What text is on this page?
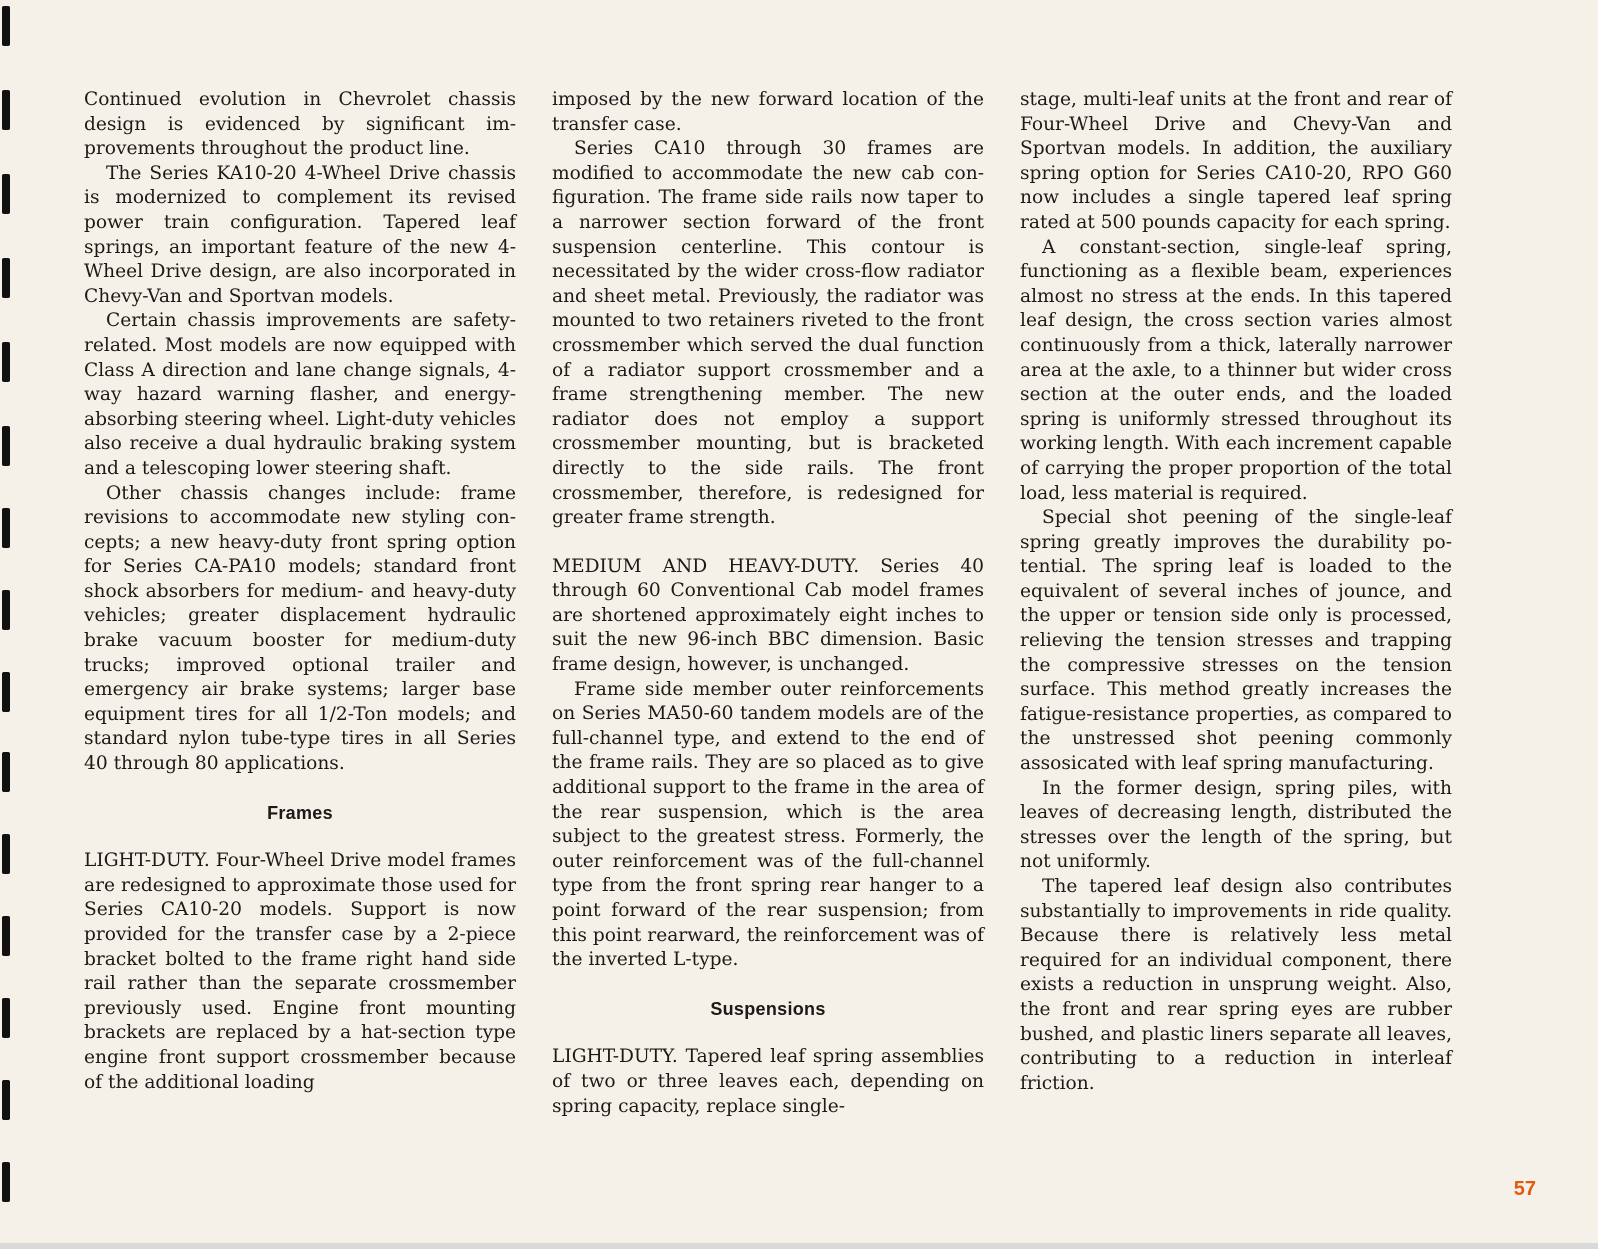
Continued evolution in Chevrolet chassis design is evidenced by significant improvements throughout the product line.

The Series KA10-20 4-Wheel Drive chassis is modernized to complement its revised power train configuration. Tapered leaf springs, an important feature of the new 4-Wheel Drive design, are also incorporated in Chevy-Van and Sportvan models.

Certain chassis improvements are safety-related. Most models are now equipped with Class A direction and lane change signals, 4-way hazard warning flasher, and energy-absorbing steering wheel. Light-duty vehicles also receive a dual hydraulic braking system and a telescoping lower steering shaft.

Other chassis changes include: frame revisions to accommodate new styling concepts; a new heavy-duty front spring option for Series CA-PA10 models; standard front shock absorbers for medium- and heavy-duty vehicles; greater displacement hydraulic brake vacuum booster for medium-duty trucks; improved optional trailer and emergency air brake systems; larger base equipment tires for all 1/2-Ton models; and standard nylon tube-type tires in all Series 40 through 80 applications.

Frames

LIGHT-DUTY. Four-Wheel Drive model frames are redesigned to approximate those used for Series CA10-20 models. Support is now provided for the transfer case by a 2-piece bracket bolted to the frame right hand side rail rather than the separate crossmember previously used. Engine front mounting brackets are replaced by a hat-section type engine front support crossmember because of the additional loading

imposed by the new forward location of the transfer case.

Series CA10 through 30 frames are modified to accommodate the new cab configuration. The frame side rails now taper to a narrower section forward of the front suspension centerline. This contour is necessitated by the wider cross-flow radiator and sheet metal. Previously, the radiator was mounted to two retainers riveted to the front crossmember which served the dual function of a radiator support crossmember and a frame strengthening member. The new radiator does not employ a support crossmember mounting, but is bracketed directly to the side rails. The front crossmember, therefore, is redesigned for greater frame strength.

MEDIUM AND HEAVY-DUTY. Series 40 through 60 Conventional Cab model frames are shortened approximately eight inches to suit the new 96-inch BBC dimension. Basic frame design, however, is unchanged.

Frame side member outer reinforcements on Series MA50-60 tandem models are of the full-channel type, and extend to the end of the frame rails. They are so placed as to give additional support to the frame in the area of the rear suspension, which is the area subject to the greatest stress. Formerly, the outer reinforcement was of the full-channel type from the front spring rear hanger to a point forward of the rear suspension; from this point rearward, the reinforcement was of the inverted L-type.

Suspensions

LIGHT-DUTY. Tapered leaf spring assemblies of two or three leaves each, depending on spring capacity, replace single-

stage, multi-leaf units at the front and rear of Four-Wheel Drive and Chevy-Van and Sportvan models. In addition, the auxiliary spring option for Series CA10-20, RPO G60 now includes a single tapered leaf spring rated at 500 pounds capacity for each spring.

A constant-section, single-leaf spring, functioning as a flexible beam, experiences almost no stress at the ends. In this tapered leaf design, the cross section varies almost continuously from a thick, laterally narrower area at the axle, to a thinner but wider cross section at the outer ends, and the loaded spring is uniformly stressed throughout its working length. With each increment capable of carrying the proper proportion of the total load, less material is required.

Special shot peening of the single-leaf spring greatly improves the durability potential. The spring leaf is loaded to the equivalent of several inches of jounce, and the upper or tension side only is processed, relieving the tension stresses and trapping the compressive stresses on the tension surface. This method greatly increases the fatigue-resistance properties, as compared to the unstressed shot peening commonly assosicated with leaf spring manufacturing.

In the former design, spring piles, with leaves of decreasing length, distributed the stresses over the length of the spring, but not uniformly.

The tapered leaf design also contributes substantially to improvements in ride quality. Because there is relatively less metal required for an individual component, there exists a reduction in unsprung weight. Also, the front and rear spring eyes are rubber bushed, and plastic liners separate all leaves, contributing to a reduction in interleaf friction.

57
